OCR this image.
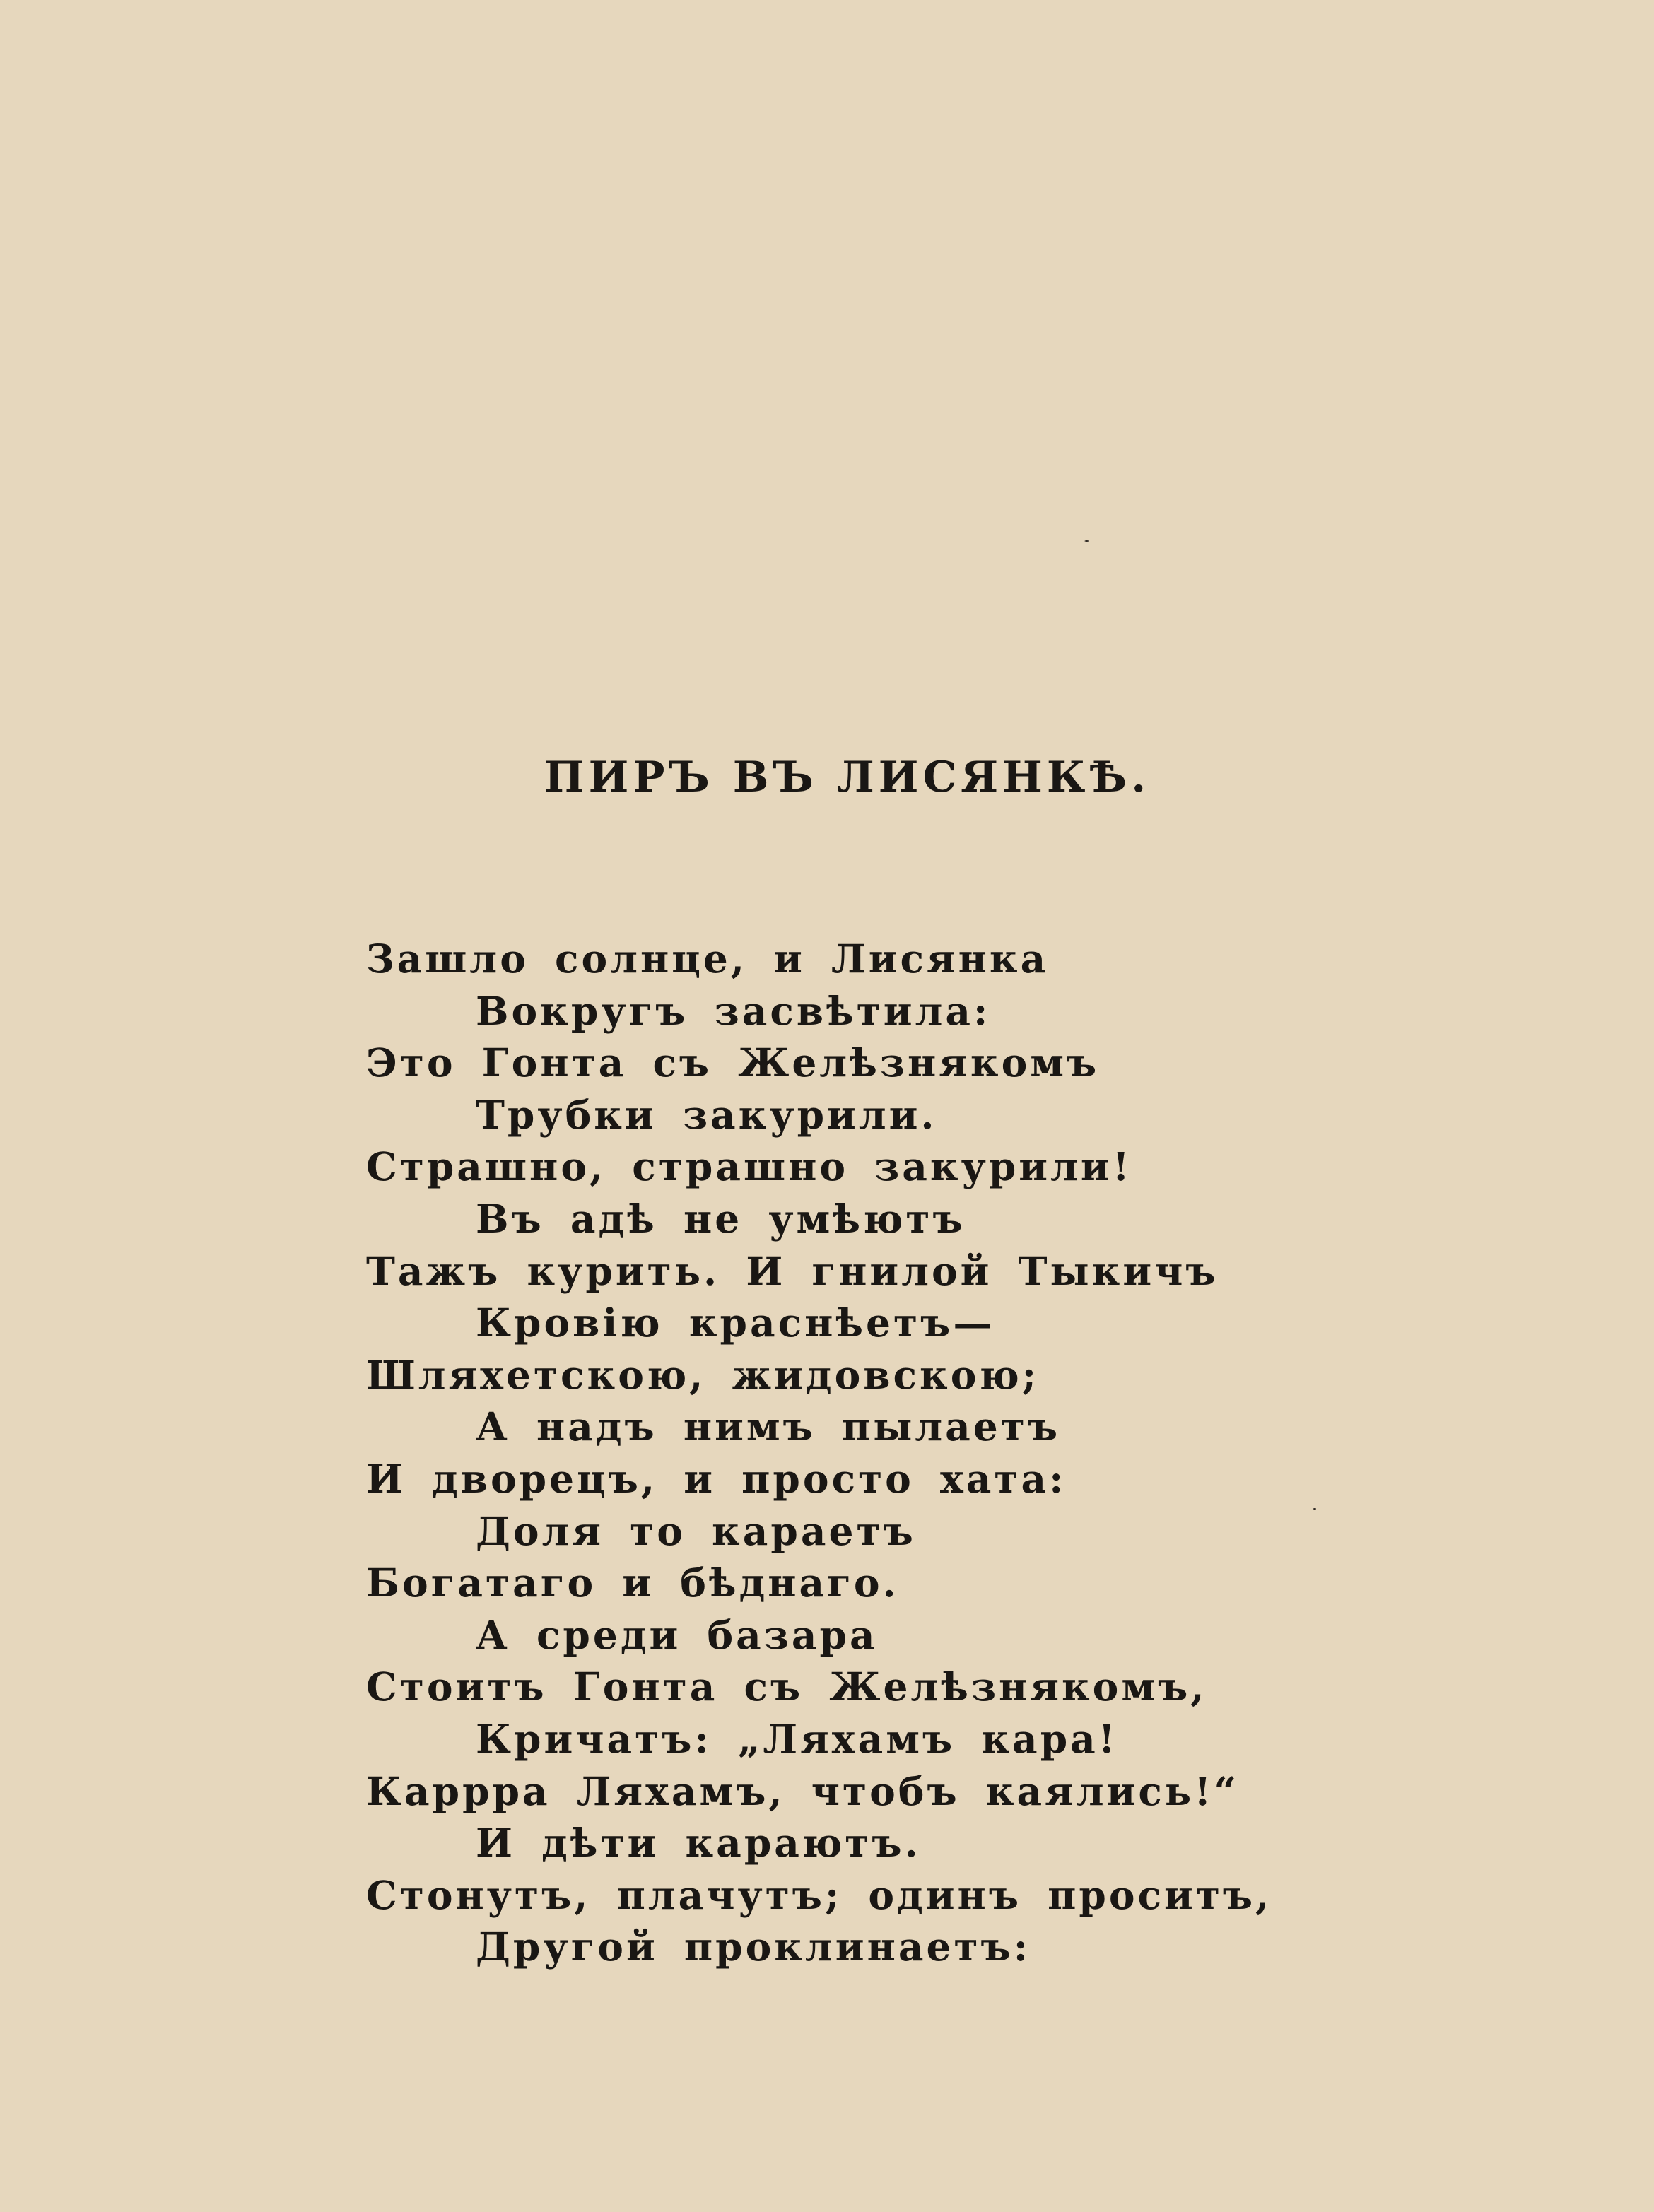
ПИРЪ ВЪ ЛИСЯНКѢ.
Зашло солнце, и Лисянка
Вокругъ засвѣтила:
Это Гонта съ Желѣзнякомъ
Трубки закурили.
Страшно, страшно закурили!
Въ адѣ не умѣютъ
Тажъ курить. И гнилой Тыкичъ
Кровію краснѣетъ—
Шляхетскою, жидовскою;
А надъ нимъ пылаетъ
И дворецъ, и просто хата:
Доля то караетъ
Богатаго и бѣднаго.
А среди базара
Стоитъ Гонта съ Желѣзнякомъ,
Кричатъ: „Ляхамъ кара!
Каррра Ляхамъ, чтобъ каялись!“
И дѣти караютъ.
Стонутъ, плачутъ; одинъ проситъ,
Другой проклинаетъ:
